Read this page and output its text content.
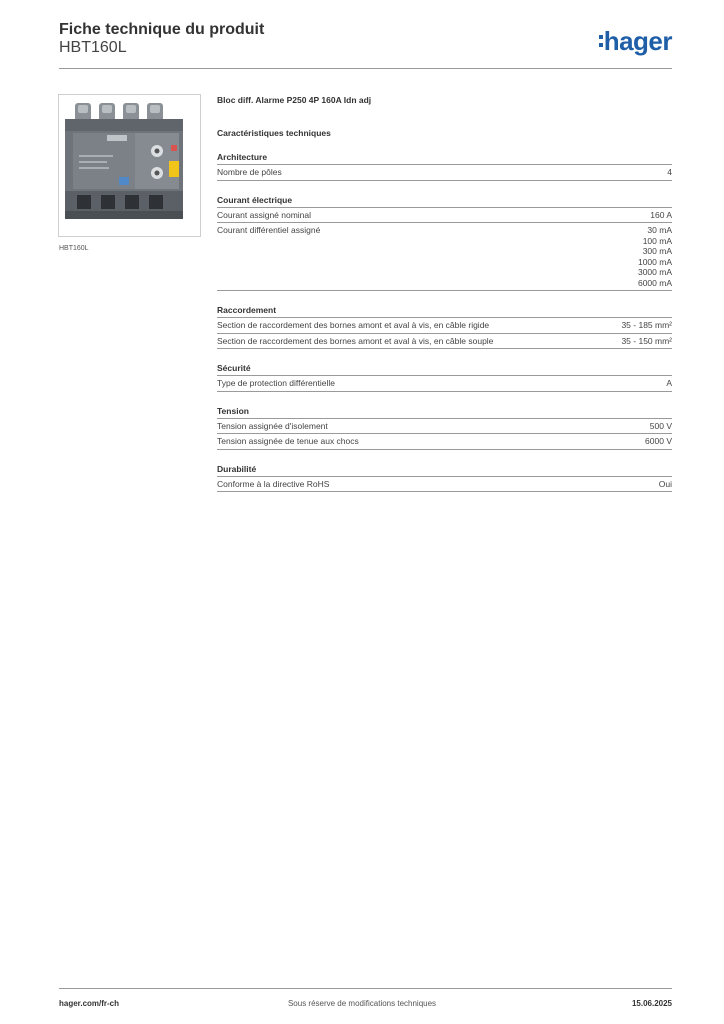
Fiche technique du produit
HBT160L	hager
HBT160L
Bloc diff. Alarme P250 4P 160A Idn adj
Caractéristiques techniques
Architecture
Nombre de pôles	4
Courant électrique
Courant assigné nominal	160 A
Courant différentiel assigné	30 mA
100 mA
300 mA
1000 mA
3000 mA
6000 mA
Raccordement
Section de raccordement des bornes amont et aval à vis, en câble rigide	35 - 185 mm²
Section de raccordement des bornes amont et aval à vis, en câble souple	35 - 150 mm²
Sécurité
Type de protection différentielle	A
Tension
Tension assignée d'isolement	500 V
Tension assignée de tenue aux chocs	6000 V
Durabilité
Conforme à la directive RoHS	Oui
hager.com/fr-ch	Sous réserve de modifications techniques	15.06.2025
